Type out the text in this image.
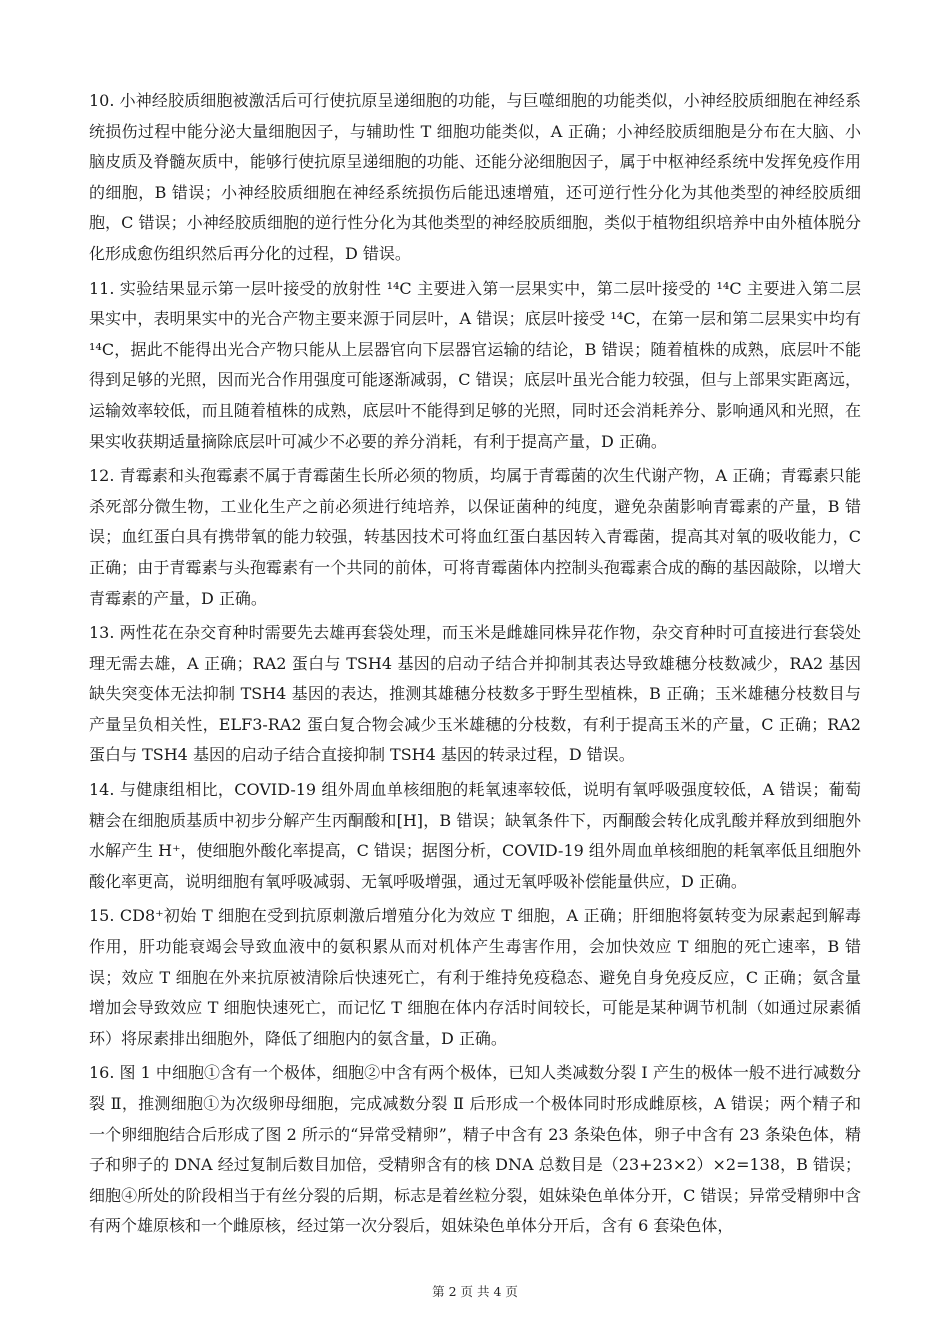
10. 小神经胶质细胞被激活后可行使抗原呈递细胞的功能，与巨噬细胞的功能类似，小神经胶质细胞在神经系统损伤过程中能分泌大量细胞因子，与辅助性 T 细胞功能类似，A 正确；小神经胶质细胞是分布在大脑、小脑皮质及脊髓灰质中，能够行使抗原呈递细胞的功能、还能分泌细胞因子，属于中枢神经系统中发挥免疫作用的细胞，B 错误；小神经胶质细胞在神经系统损伤后能迅速增殖，还可逆行性分化为其他类型的神经胶质细胞，C 错误；小神经胶质细胞的逆行性分化为其他类型的神经胶质细胞，类似于植物组织培养中由外植体脱分化形成愈伤组织然后再分化的过程，D 错误。

11. 实验结果显示第一层叶接受的放射性 ¹⁴C 主要进入第一层果实中，第二层叶接受的 ¹⁴C 主要进入第二层果实中，表明果实中的光合产物主要来源于同层叶，A 错误；底层叶接受 ¹⁴C，在第一层和第二层果实中均有 ¹⁴C，据此不能得出光合产物只能从上层器官向下层器官运输的结论，B 错误；随着植株的成熟，底层叶不能得到足够的光照，因而光合作用强度可能逐渐减弱，C 错误；底层叶虽光合能力较强，但与上部果实距离远，运输效率较低，而且随着植株的成熟，底层叶不能得到足够的光照，同时还会消耗养分、影响通风和光照，在果实收获期适量摘除底层叶可减少不必要的养分消耗，有利于提高产量，D 正确。

12. 青霉素和头孢霉素不属于青霉菌生长所必须的物质，均属于青霉菌的次生代谢产物，A 正确；青霉素只能杀死部分微生物，工业化生产之前必须进行纯培养，以保证菌种的纯度，避免杂菌影响青霉素的产量，B 错误；血红蛋白具有携带氧的能力较强，转基因技术可将血红蛋白基因转入青霉菌，提高其对氧的吸收能力，C 正确；由于青霉素与头孢霉素有一个共同的前体，可将青霉菌体内控制头孢霉素合成的酶的基因敲除，以增大青霉素的产量，D 正确。

13. 两性花在杂交育种时需要先去雄再套袋处理，而玉米是雌雄同株异花作物，杂交育种时可直接进行套袋处理无需去雄，A 正确；RA2 蛋白与 TSH4 基因的启动子结合并抑制其表达导致雄穗分枝数减少，RA2 基因缺失突变体无法抑制 TSH4 基因的表达，推测其雄穗分枝数多于野生型植株，B 正确；玉米雄穗分枝数目与产量呈负相关性，ELF3-RA2 蛋白复合物会减少玉米雄穗的分枝数，有利于提高玉米的产量，C 正确；RA2 蛋白与 TSH4 基因的启动子结合直接抑制 TSH4 基因的转录过程，D 错误。

14. 与健康组相比，COVID-19 组外周血单核细胞的耗氧速率较低，说明有氧呼吸强度较低，A 错误；葡萄糖会在细胞质基质中初步分解产生丙酮酸和[H]，B 错误；缺氧条件下，丙酮酸会转化成乳酸并释放到细胞外水解产生 H⁺，使细胞外酸化率提高，C 错误；据图分析，COVID-19 组外周血单核细胞的耗氧率低且细胞外酸化率更高，说明细胞有氧呼吸减弱、无氧呼吸增强，通过无氧呼吸补偿能量供应，D 正确。

15. CD8⁺初始 T 细胞在受到抗原刺激后增殖分化为效应 T 细胞，A 正确；肝细胞将氨转变为尿素起到解毒作用，肝功能衰竭会导致血液中的氨积累从而对机体产生毒害作用，会加快效应 T 细胞的死亡速率，B 错误；效应 T 细胞在外来抗原被清除后快速死亡，有利于维持免疫稳态、避免自身免疫反应，C 正确；氨含量增加会导致效应 T 细胞快速死亡，而记忆 T 细胞在体内存活时间较长，可能是某种调节机制（如通过尿素循环）将尿素排出细胞外，降低了细胞内的氨含量，D 正确。

16. 图 1 中细胞①含有一个极体，细胞②中含有两个极体，已知人类减数分裂 Ⅰ 产生的极体一般不进行减数分裂 Ⅱ，推测细胞①为次级卵母细胞，完成减数分裂 Ⅱ 后形成一个极体同时形成雌原核，A 错误；两个精子和一个卵细胞结合后形成了图 2 所示的“异常受精卵”，精子中含有 23 条染色体，卵子中含有 23 条染色体，精子和卵子的 DNA 经过复制后数目加倍，受精卵含有的核 DNA 总数目是（23+23×2）×2=138，B 错误；细胞④所处的阶段相当于有丝分裂的后期，标志是着丝粒分裂，姐妹染色单体分开，C 错误；异常受精卵中含有两个雄原核和一个雌原核，经过第一次分裂后，姐妹染色单体分开后，含有 6 套染色体，

第 2 页 共 4 页
